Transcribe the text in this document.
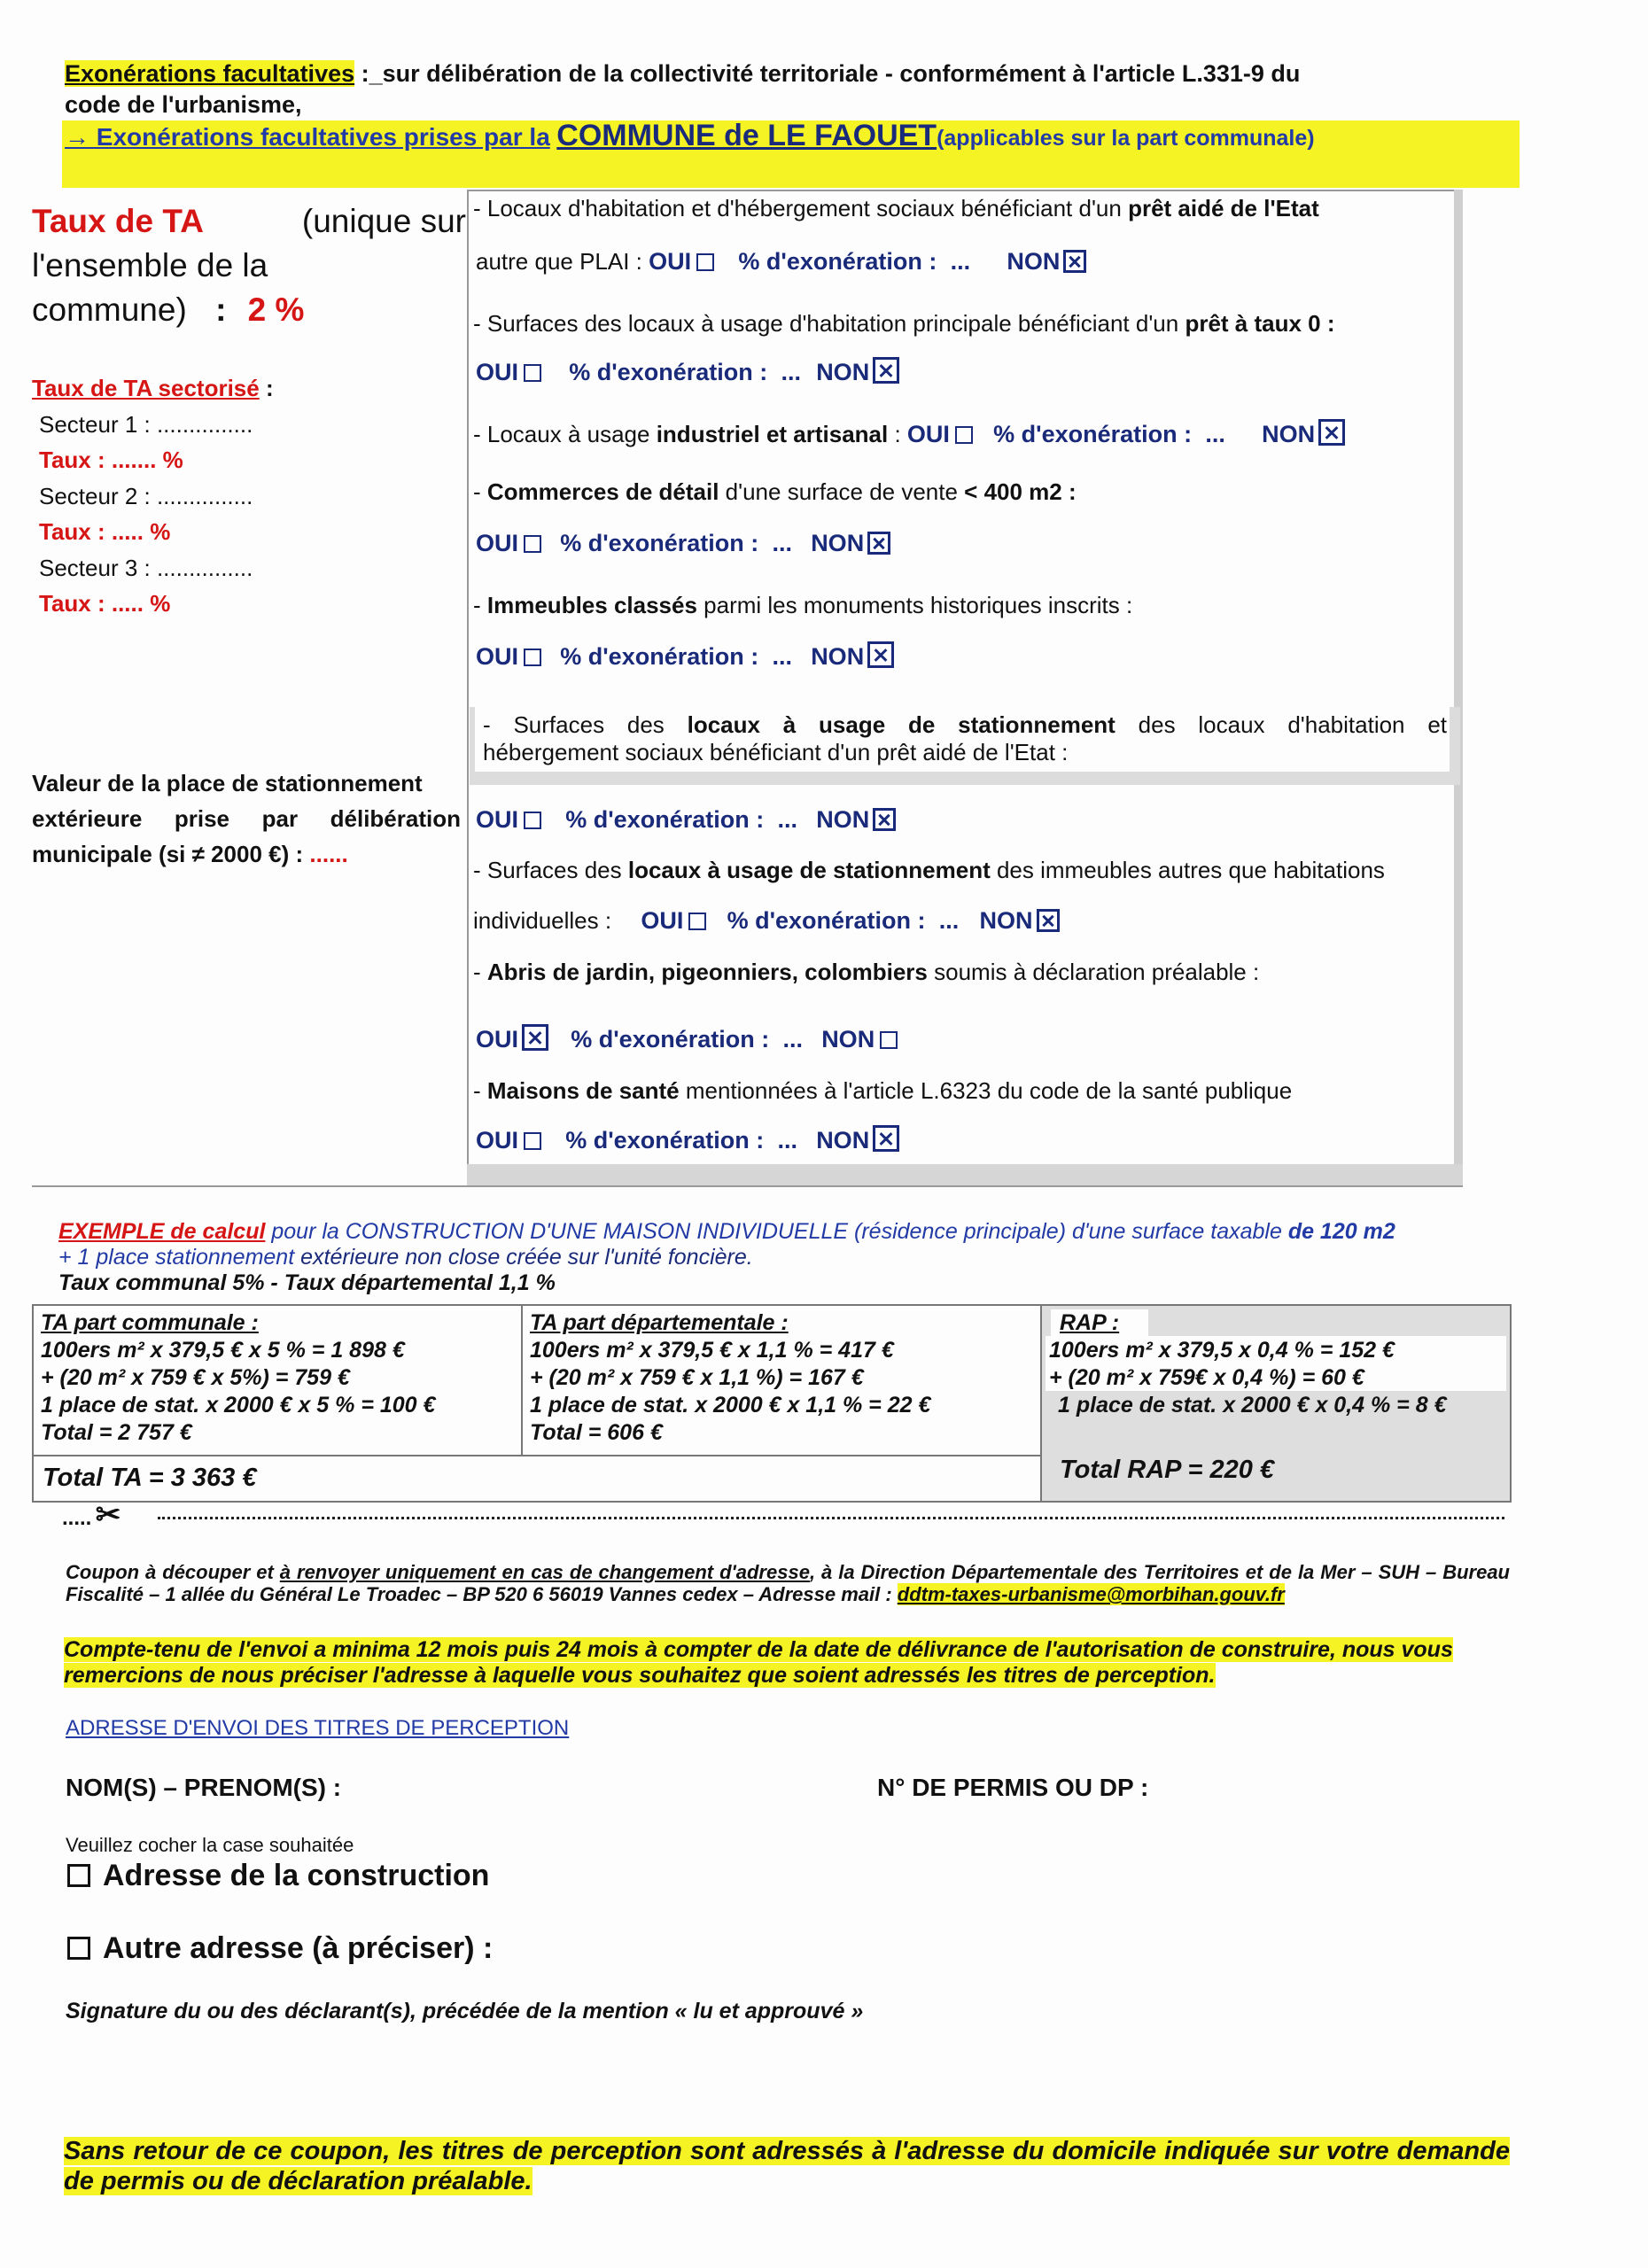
Exonérations facultatives :_sur délibération de la collectivité territoriale - conformément à l'article L.331-9 du
code de l'urbanisme,
→ Exonérations facultatives prises par la COMMUNE de LE FAOUET(applicables sur la part communale)
Taux de TA	(unique sur

l'ensemble de la
commune) : 2 %
Taux de TA sectorisé :
Secteur 1 : ...............
Taux : ....... %
Secteur 2 : ...............
Taux : ..... %
Secteur 3 : ...............
Taux : ..... %
Valeur de la place de stationnement
extérieure prise par délibération
municipale (si ≠ 2000 €) : ......
- Locaux d'habitation et d'hébergement sociaux bénéficiant d'un prêt aidé de l'Etat
autre que PLAI : OUI % d'exonération : ... NON
- Surfaces des locaux à usage d'habitation principale bénéficiant d'un prêt à taux 0 :
OUI % d'exonération : ... NON
- Locaux à usage industriel et artisanal : OUI % d'exonération : ... NON
- Commerces de détail d'une surface de vente < 400 m2 :
OUI % d'exonération : ... NON
- Immeubles classés parmi les monuments historiques inscrits :
OUI % d'exonération : ... NON
- Surfaces des locaux à usage de stationnement des locaux d'habitation et
hébergement sociaux bénéficiant d'un prêt aidé de l'Etat :
OUI % d'exonération : ... NON
- Surfaces des locaux à usage de stationnement des immeubles autres que habitations
individuelles : OUI % d'exonération : ... NON
- Abris de jardin, pigeonniers, colombiers soumis à déclaration préalable :
OUI % d'exonération : ... NON
- Maisons de santé mentionnées à l'article L.6323 du code de la santé publique
OUI % d'exonération : ... NON
EXEMPLE de calcul pour la CONSTRUCTION D'UNE MAISON INDIVIDUELLE (résidence principale) d'une surface taxable de 120 m2
+ 1 place stationnement extérieure non close créée sur l'unité foncière.
Taux communal 5% - Taux départemental 1,1 %
TA part communale :
100ers m² x 379,5 € x 5 % = 1 898 €
+ (20 m² x 759 € x 5%) = 759 €
1 place de stat. x 2000 € x 5 % = 100 €
Total = 2 757 €
TA part départementale :
100ers m² x 379,5 € x 1,1 % = 417 €
+ (20 m² x 759 € x 1,1 %) = 167 €
1 place de stat. x 2000 € x 1,1 % = 22 €
Total = 606 €
RAP :
100ers m² x 379,5 x 0,4 % = 152 €
+ (20 m² x 759€ x 0,4 %) = 60 €
1 place de stat. x 2000 € x 0,4 % = 8 €
Total TA = 3 363 €	Total RAP = 220 €
..... ✂
Coupon à découper et à renvoyer uniquement en cas de changement d'adresse, à la Direction Départementale des Territoires et de la Mer – SUH – Bureau Fiscalité – 1 allée du Général Le Troadec – BP 520 6 56019 Vannes cedex – Adresse mail : ddtm-taxes-urbanisme@morbihan.gouv.fr
Compte-tenu de l'envoi a minima 12 mois puis 24 mois à compter de la date de délivrance de l'autorisation de construire, nous vous remercions de nous préciser l'adresse à laquelle vous souhaitez que soient adressés les titres de perception.
ADRESSE D'ENVOI DES TITRES DE PERCEPTION
NOM(S) – PRENOM(S) :	N° DE PERMIS OU DP :
Veuillez cocher la case souhaitée
Adresse de la construction
Autre adresse (à préciser) :
Signature du ou des déclarant(s), précédée de la mention « lu et approuvé »
Sans retour de ce coupon, les titres de perception sont adressés à l'adresse du domicile indiquée sur votre demande de permis ou de déclaration préalable.
